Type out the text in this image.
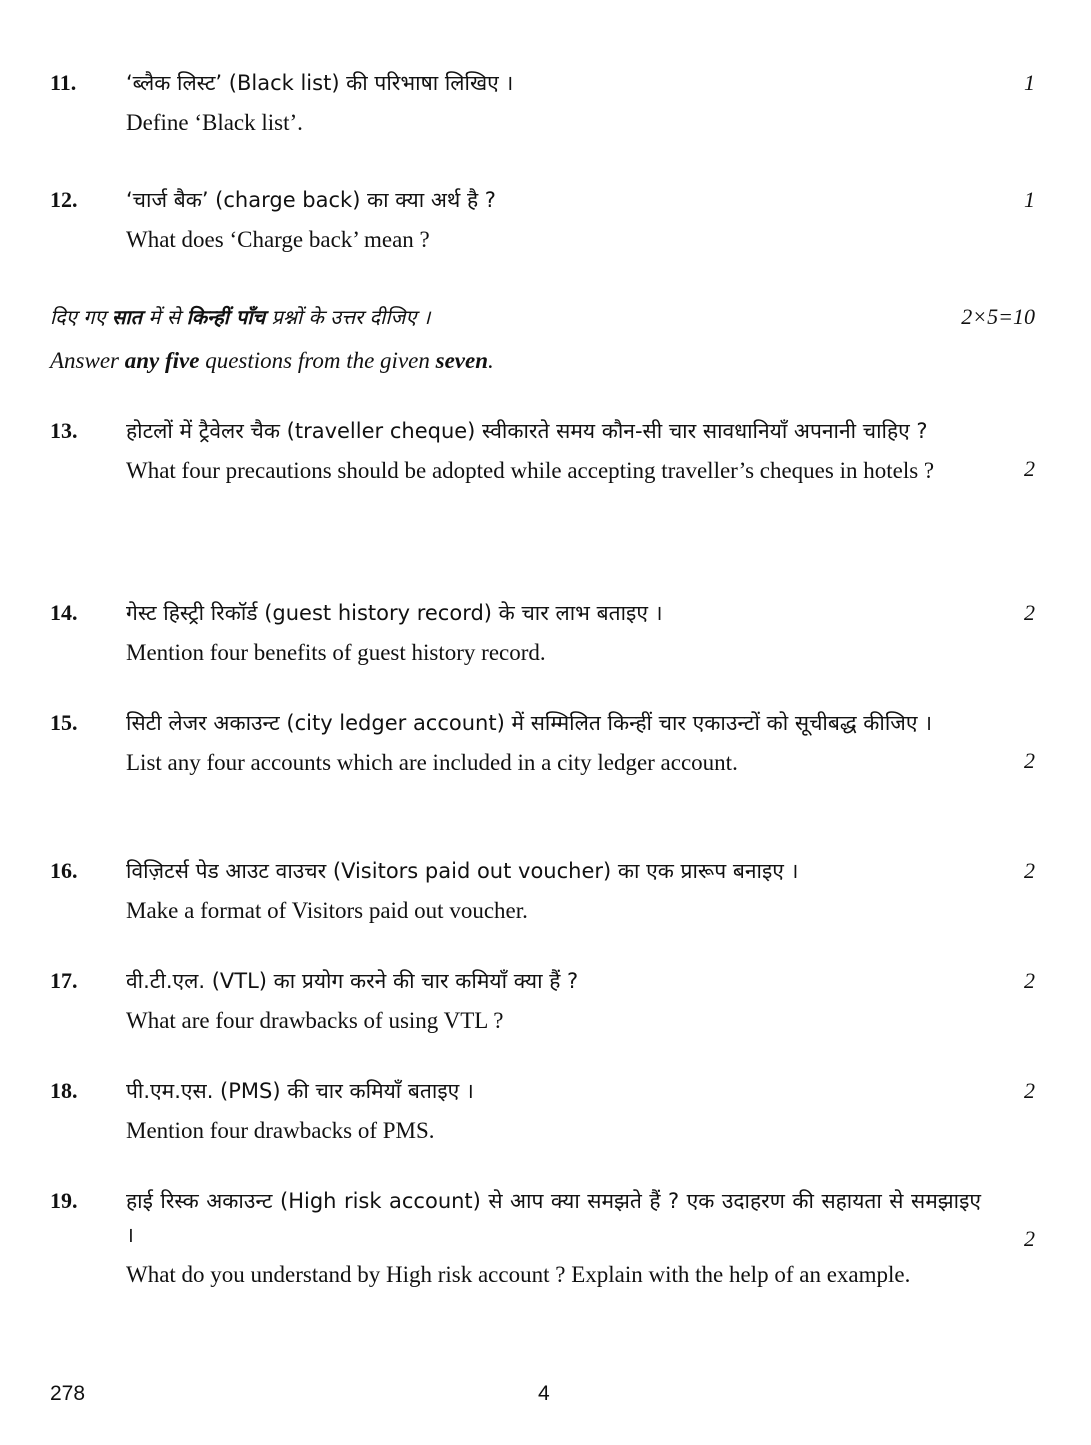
11. ‘ब्लैक लिस्ट’ (Black list) की परिभाषा लिखिए ।
Define ‘Black list’.
1
12. ‘चार्ज बैक’ (charge back) का क्या अर्थ है ?
What does ‘Charge back’ mean ?
1
दिए गए सात में से किन्हीं पाँच प्रश्नों के उत्तर दीजिए ।	2×5=10
Answer any five questions from the given seven.
13. होटलों में ट्रैवेलर चैक (traveller cheque) स्वीकारते समय कौन-सी चार सावधानियाँ अपनानी चाहिए ?
What four precautions should be adopted while accepting traveller’s cheques in hotels ?	2
14. गेस्ट हिस्ट्री रिकॉर्ड (guest history record) के चार लाभ बताइए ।
Mention four benefits of guest history record.
2
15. सिटी लेजर अकाउन्ट (city ledger account) में सम्मिलित किन्हीं चार एकाउन्टों को सूचीबद्ध कीजिए ।
List any four accounts which are included in a city ledger account.	2
16. विज़िटर्स पेड आउट वाउचर (Visitors paid out voucher) का एक प्रारूप बनाइए ।
Make a format of Visitors paid out voucher.
2
17. वी.टी.एल. (VTL) का प्रयोग करने की चार कमियाँ क्या हैं ?
What are four drawbacks of using VTL ?
2
18. पी.एम.एस. (PMS) की चार कमियाँ बताइए ।
Mention four drawbacks of PMS.
2
19. हाई रिस्क अकाउन्ट (High risk account) से आप क्या समझते हैं ? एक उदाहरण की सहायता से समझाइए ।
What do you understand by High risk account ? Explain with the help of an example.
2
278	4
